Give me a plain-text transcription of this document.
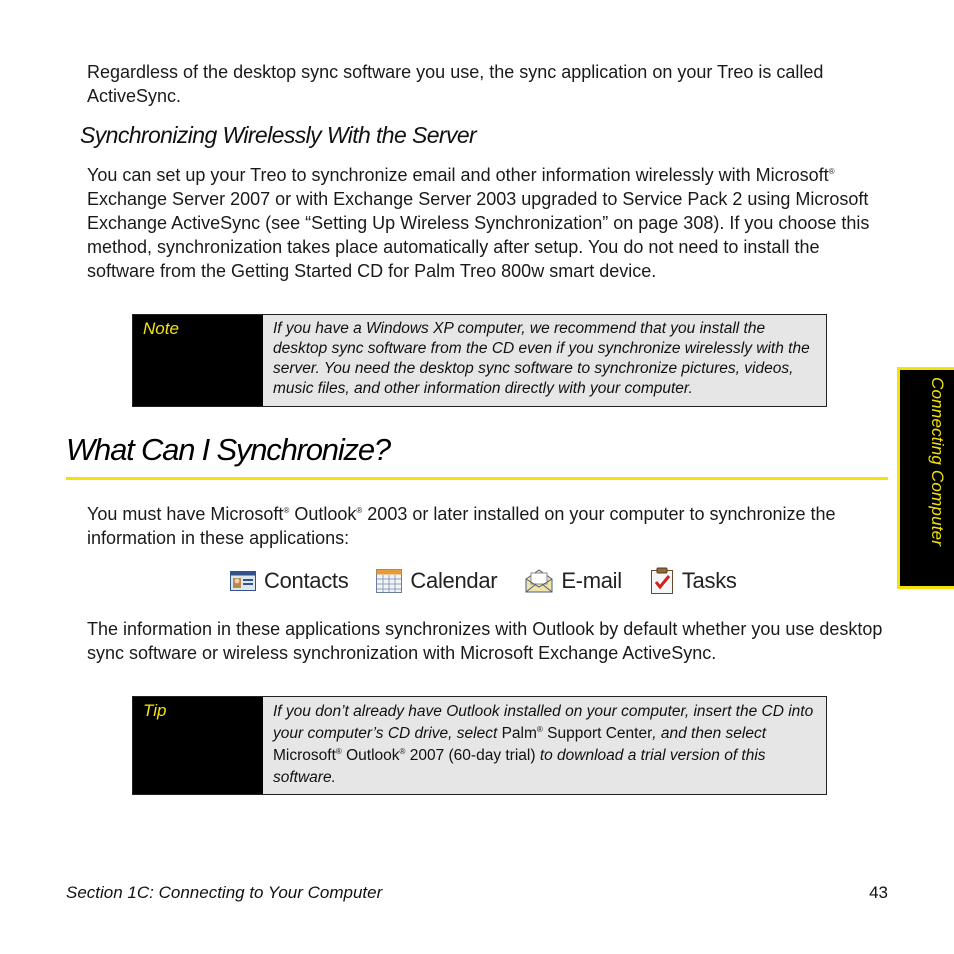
Regardless of the desktop sync software you use, the sync application on your Treo is called ActiveSync.
Synchronizing Wirelessly With the Server
You can set up your Treo to synchronize email and other information wirelessly with Microsoft® Exchange Server 2007 or with Exchange Server 2003 upgraded to Service Pack 2 using Microsoft Exchange ActiveSync (see “Setting Up Wireless Synchronization” on page 308). If you choose this method, synchronization takes place automatically after setup. You do not need to install the software from the Getting Started CD for Palm Treo 800w smart device.
Note	If you have a Windows XP computer, we recommend that you install the desktop sync software from the CD even if you synchronize wirelessly with the server. You need the desktop sync software to synchronize pictures, videos, music files, and other information directly with your computer.
What Can I Synchronize?
You must have Microsoft® Outlook® 2003 or later installed on your computer to synchronize the information in these applications:
Contacts	Calendar	E-mail	Tasks
The information in these applications synchronizes with Outlook by default whether you use desktop sync software or wireless synchronization with Microsoft Exchange ActiveSync.
Tip	If you don’t already have Outlook installed on your computer, insert the CD into your computer’s CD drive, select Palm® Support Center, and then select Microsoft® Outlook® 2007 (60-day trial) to download a trial version of this software.
Connecting Computer
Section 1C: Connecting to Your Computer	43
